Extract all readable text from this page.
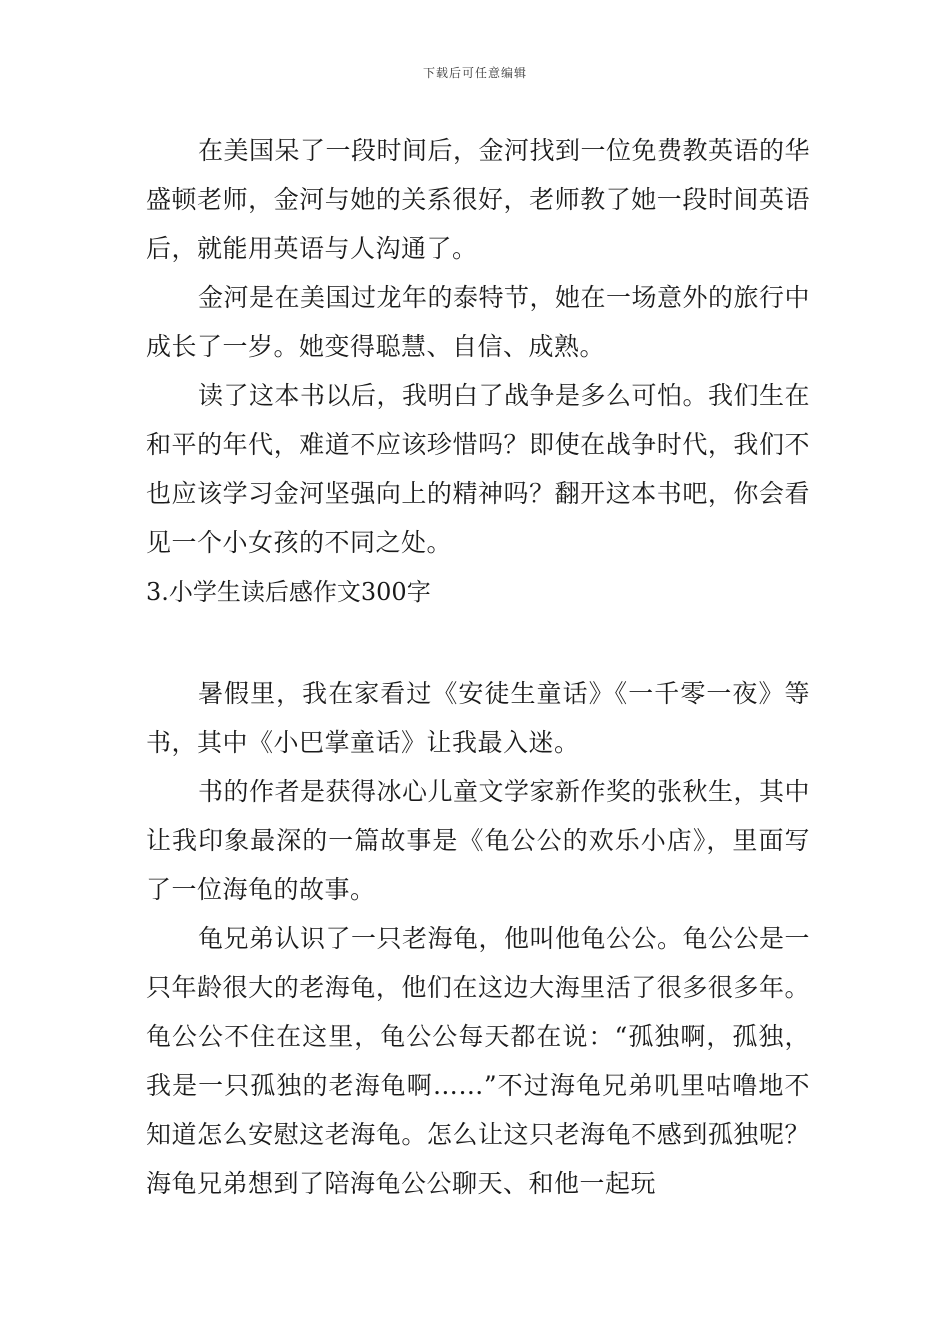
下载后可任意编辑

在美国呆了一段时间后，金河找到一位免费教英语的华盛顿老师，金河与她的关系很好，老师教了她一段时间英语后，就能用英语与人沟通了。

金河是在美国过龙年的泰特节，她在一场意外的旅行中成长了一岁。她变得聪慧、自信、成熟。

读了这本书以后，我明白了战争是多么可怕。我们生在和平的年代，难道不应该珍惜吗？即使在战争时代，我们不也应该学习金河坚强向上的精神吗？翻开这本书吧，你会看见一个小女孩的不同之处。

3.小学生读后感作文300字

暑假里，我在家看过《安徒生童话》《一千零一夜》等书，其中《小巴掌童话》让我最入迷。

书的作者是获得冰心儿童文学家新作奖的张秋生，其中让我印象最深的一篇故事是《龟公公的欢乐小店》，里面写了一位海龟的故事。

龟兄弟认识了一只老海龟，他叫他龟公公。龟公公是一只年龄很大的老海龟，他们在这边大海里活了很多很多年。龟公公不住在这里，龟公公每天都在说：“孤独啊，孤独，我是一只孤独的老海龟啊……”不过海龟兄弟叽里咕噜地不知道怎么安慰这老海龟。怎么让这只老海龟不感到孤独呢？海龟兄弟想到了陪海龟公公聊天、和他一起玩
